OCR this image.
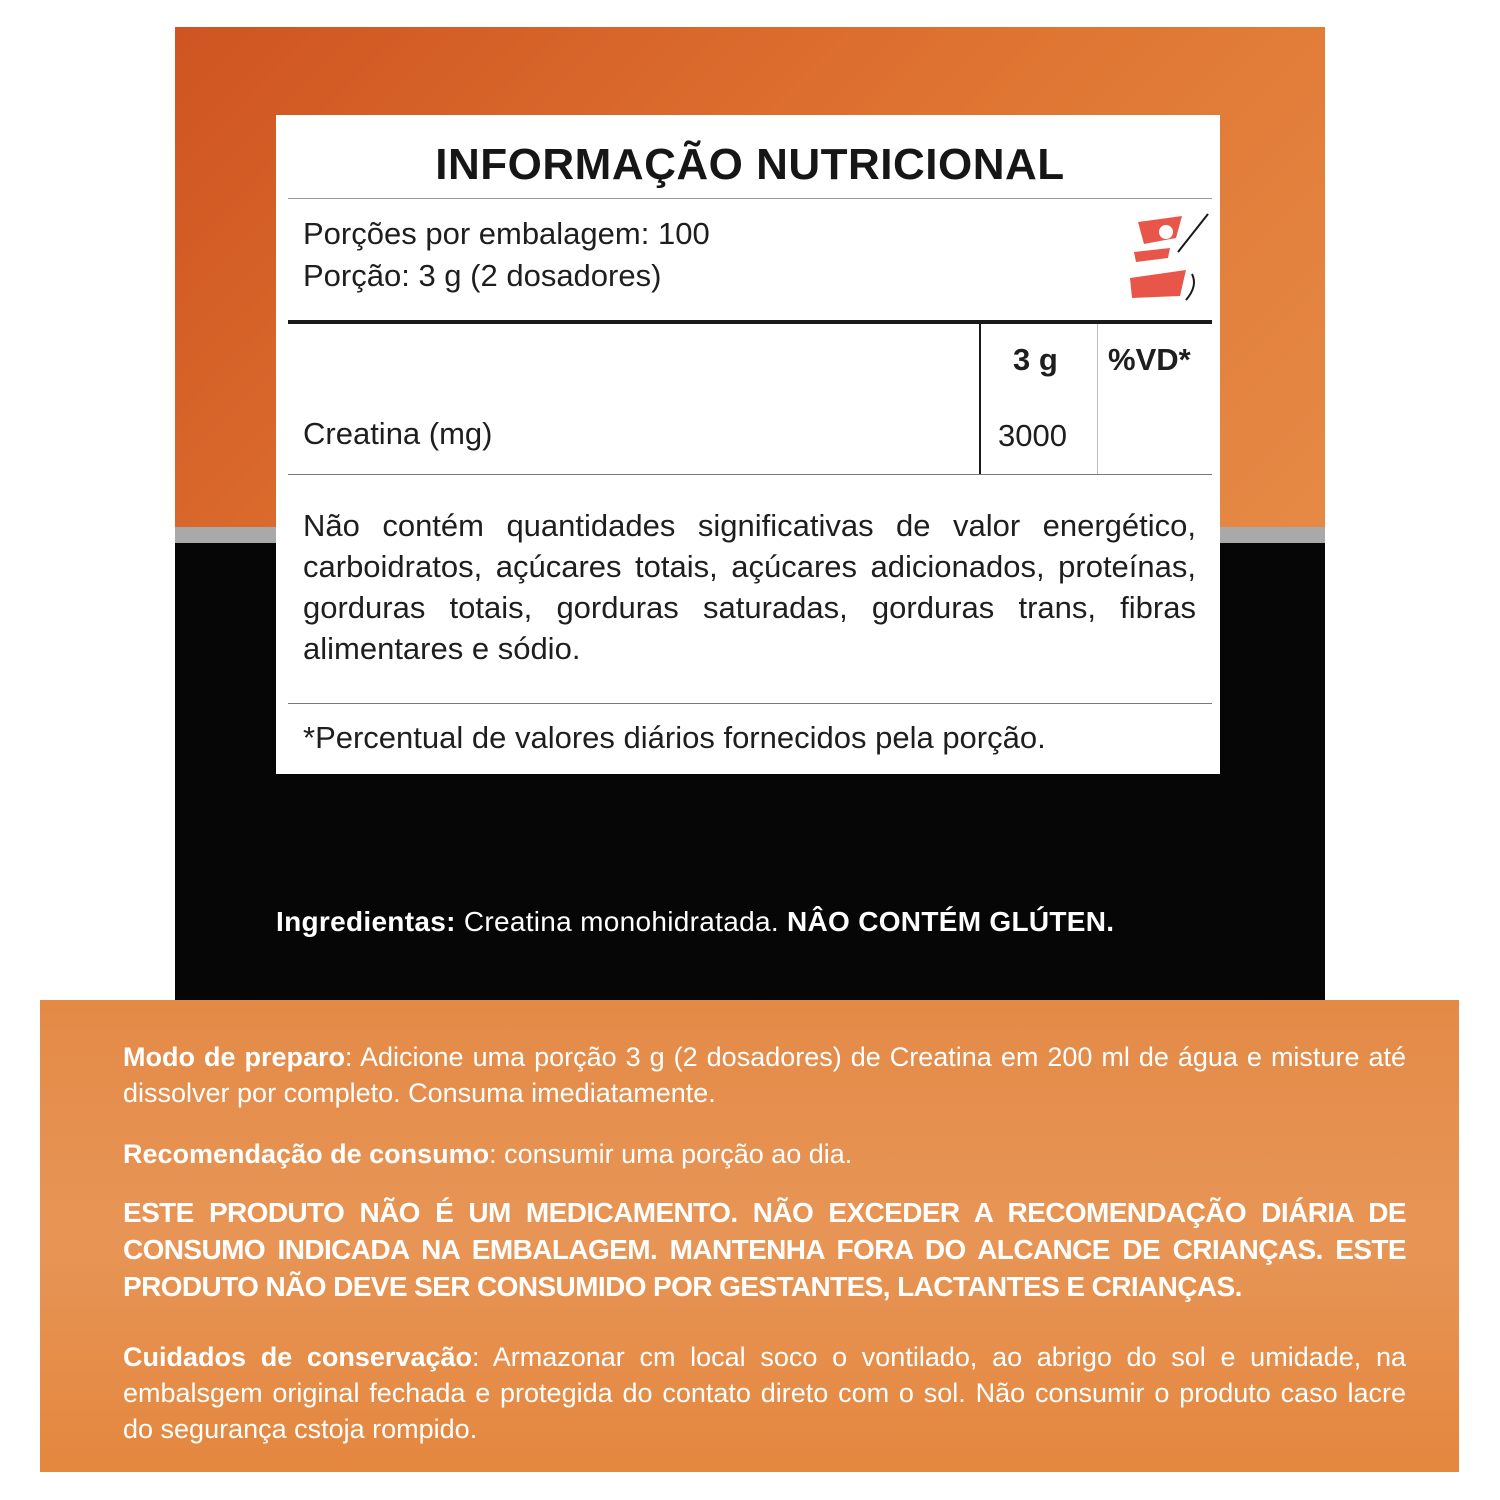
INFORMAÇÃO NUTRICIONAL
Porções por embalagem: 100
Porção: 3 g (2 dosadores)
3 g %VD*
Creatina (mg)	3000

Não contém quantidades significativas de valor energético, carboidratos, açúcares totais, açúcares adicionados, proteínas, gorduras totais, gorduras saturadas, gorduras trans, fibras alimentares e sódio.

*Percentual de valores diários fornecidos pela porção.

Ingredientas: Creatina monohidratada. NÂO CONTÉM GLÚTEN.

Modo de preparo: Adicione uma porção 3 g (2 dosadores) de Creatina em 200 ml de água e misture até dissolver por completo. Consuma imediatamente.

Recomendação de consumo: consumir uma porção ao dia.

ESTE PRODUTO NÃO É UM MEDICAMENTO. NÃO EXCEDER A RECOMENDAÇÃO DIÁRIA DE CONSUMO INDICADA NA EMBALAGEM. MANTENHA FORA DO ALCANCE DE CRIANÇAS. ESTE PRODUTO NÃO DEVE SER CONSUMIDO POR GESTANTES, LACTANTES E CRIANÇAS.

Cuidados de conservação: Armazonar cm local soco o vontilado, ao abrigo do sol e umidade, na embalsgem original fechada e protegida do contato direto com o sol. Não consumir o produto caso lacre do segurança cstoja rompido.
